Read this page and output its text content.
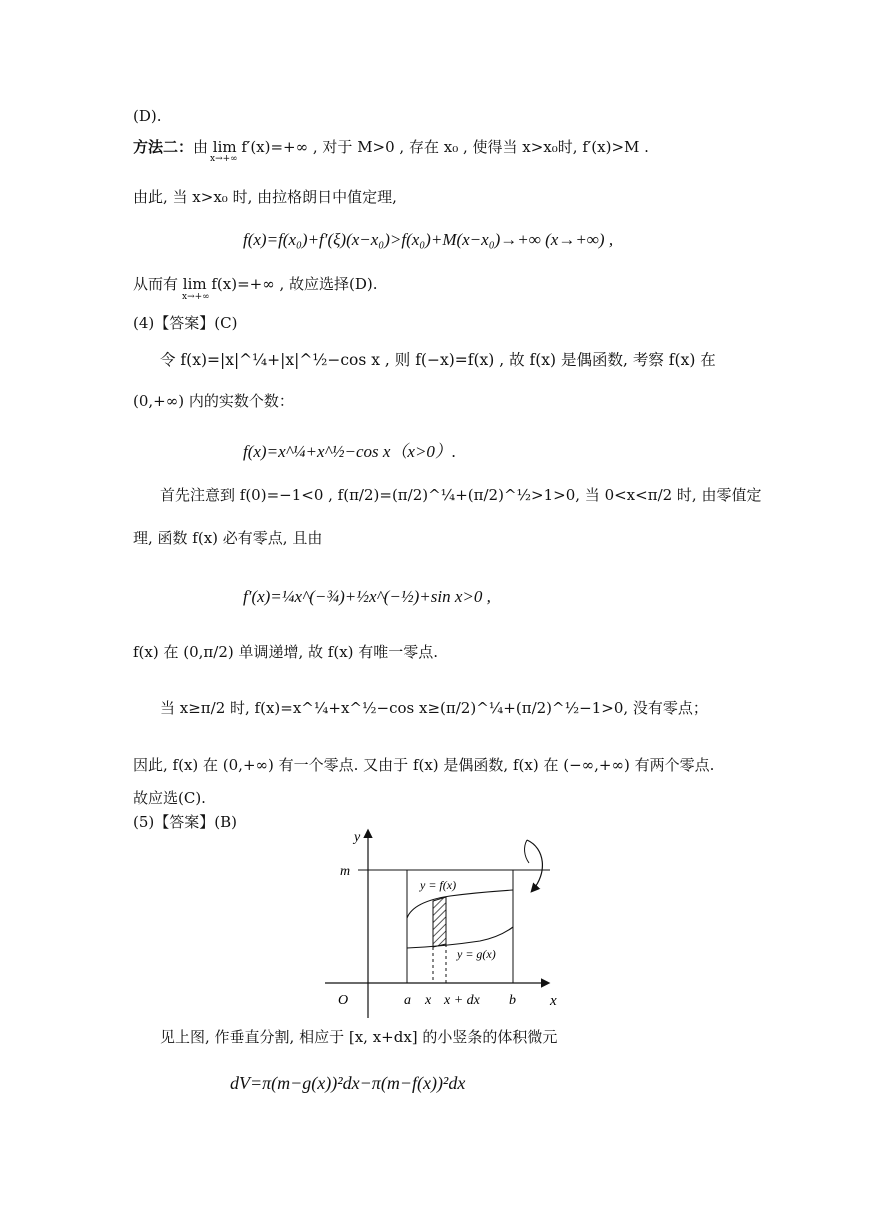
(D).
方法二：由 lim f′(x)=+∞ , 对于 M>0 , 存在 x₀ , 使得当 x>x₀时, f′(x)>M .
x→+∞
由此, 当 x>x₀ 时, 由拉格朗日中值定理,
f(x)=f(x₀)+f′(ξ)(x−x₀)>f(x₀)+M(x−x₀)→+∞ (x→+∞) ,
从而有 lim f(x)=+∞ , 故应选择(D).
x→+∞
(4)【答案】(C)
令 f(x)=|x|^¼+|x|^½−cos x , 则 f(−x)=f(x) , 故 f(x) 是偶函数, 考察 f(x) 在
(0,+∞) 内的实数个数：
f(x)=x^¼+x^½−cos x（x>0）.
首先注意到 f(0)=−1<0 , f(π/2)=(π/2)^¼+(π/2)^½>1>0, 当 0<x<π/2 时, 由零值定
理, 函数 f(x) 必有零点, 且由
f′(x)=¼x^(−¾)+½x^(−½)+sin x>0 ,
f(x) 在 (0,π/2) 单调递增, 故 f(x) 有唯一零点.
当 x≥π/2 时, f(x)=x^¼+x^½−cos x≥(π/2)^¼+(π/2)^½−1>0, 没有零点；
因此, f(x) 在 (0,+∞) 有一个零点. 又由于 f(x) 是偶函数, f(x) 在 (−∞,+∞) 有两个零点.
故应选(C).
(5)【答案】(B)
y
x
O
m
y = f(x)
y = g(x)
a x x + dx b
见上图, 作垂直分割, 相应于 [x, x+dx] 的小竖条的体积微元
dV=π(m−g(x))²dx−π(m−f(x))²dx
